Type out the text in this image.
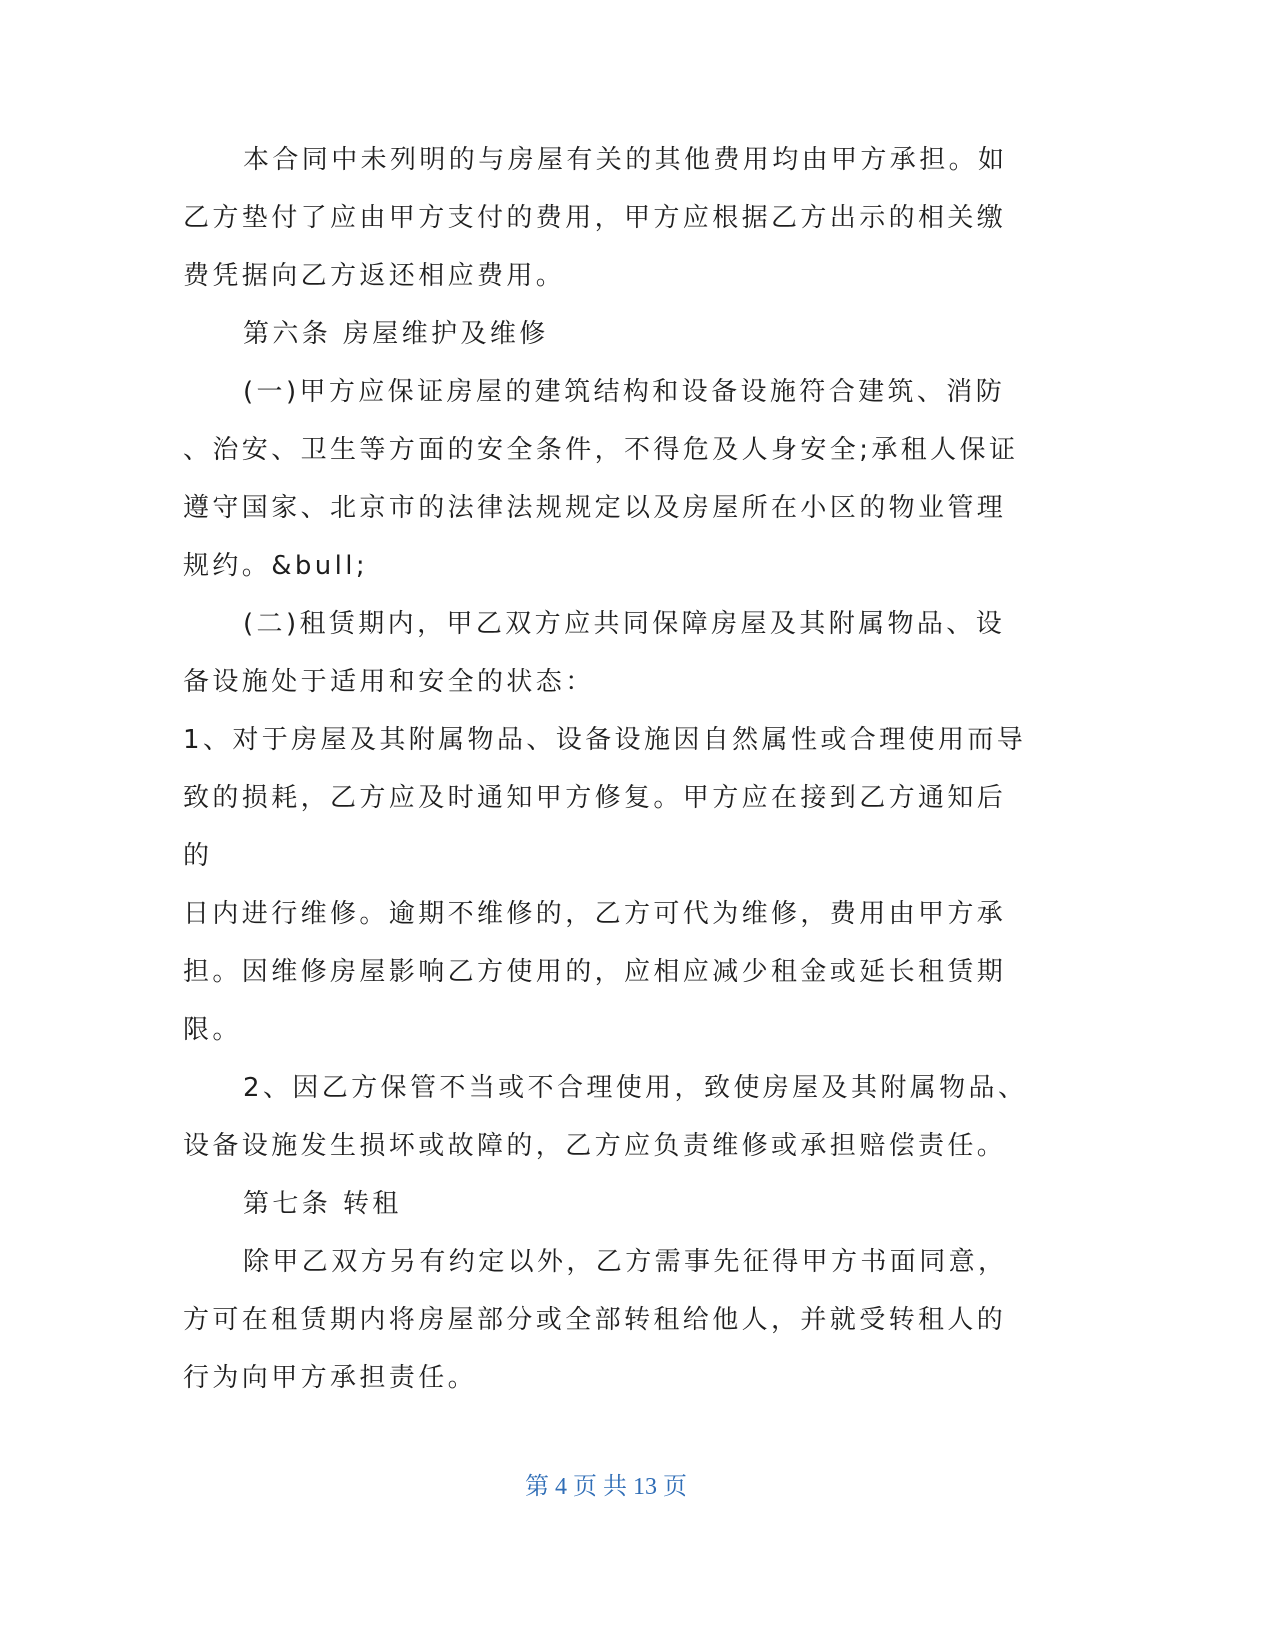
本合同中未列明的与房屋有关的其他费用均由甲方承担。如
乙方垫付了应由甲方支付的费用，甲方应根据乙方出示的相关缴
费凭据向乙方返还相应费用。
第六条 房屋维护及维修
(一)甲方应保证房屋的建筑结构和设备设施符合建筑、消防
、治安、卫生等方面的安全条件，不得危及人身安全;承租人保证
遵守国家、北京市的法律法规规定以及房屋所在小区的物业管理
规约。&bull;
(二)租赁期内，甲乙双方应共同保障房屋及其附属物品、设
备设施处于适用和安全的状态：
1、对于房屋及其附属物品、设备设施因自然属性或合理使用而导
致的损耗，乙方应及时通知甲方修复。甲方应在接到乙方通知后
的
日内进行维修。逾期不维修的，乙方可代为维修，费用由甲方承
担。因维修房屋影响乙方使用的，应相应减少租金或延长租赁期
限。
2、因乙方保管不当或不合理使用，致使房屋及其附属物品、
设备设施发生损坏或故障的，乙方应负责维修或承担赔偿责任。
第七条 转租
除甲乙双方另有约定以外，乙方需事先征得甲方书面同意，
方可在租赁期内将房屋部分或全部转租给他人，并就受转租人的
行为向甲方承担责任。
第 4 页 共 13 页
